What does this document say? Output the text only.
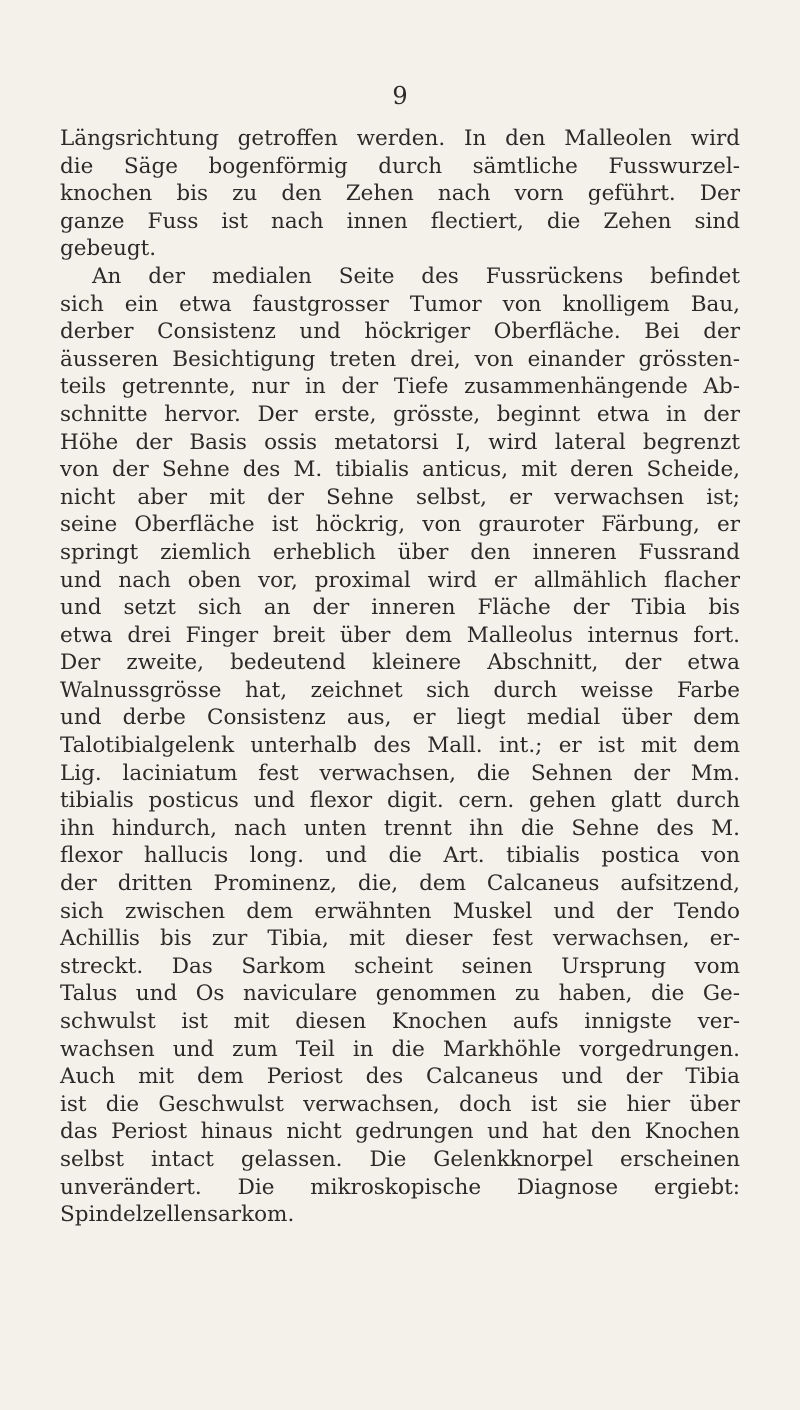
9
Längsrichtung getroffen werden. In den Malleolen wird
die Säge bogenförmig durch sämtliche Fusswurzel-
knochen bis zu den Zehen nach vorn geführt. Der
ganze Fuss ist nach innen flectiert, die Zehen sind
gebeugt.
An der medialen Seite des Fussrückens befindet
sich ein etwa faustgrosser Tumor von knolligem Bau,
derber Consistenz und höckriger Oberfläche. Bei der
äusseren Besichtigung treten drei, von einander grössten-
teils getrennte, nur in der Tiefe zusammenhängende Ab-
schnitte hervor. Der erste, grösste, beginnt etwa in der
Höhe der Basis ossis metatorsi I, wird lateral begrenzt
von der Sehne des M. tibialis anticus, mit deren Scheide,
nicht aber mit der Sehne selbst, er verwachsen ist;
seine Oberfläche ist höckrig, von grauroter Färbung, er
springt ziemlich erheblich über den inneren Fussrand
und nach oben vor, proximal wird er allmählich flacher
und setzt sich an der inneren Fläche der Tibia bis
etwa drei Finger breit über dem Malleolus internus fort.
Der zweite, bedeutend kleinere Abschnitt, der etwa
Walnussgrösse hat, zeichnet sich durch weisse Farbe
und derbe Consistenz aus, er liegt medial über dem
Talotibialgelenk unterhalb des Mall. int.; er ist mit dem
Lig. laciniatum fest verwachsen, die Sehnen der Mm.
tibialis posticus und flexor digit. cern. gehen glatt durch
ihn hindurch, nach unten trennt ihn die Sehne des M.
flexor hallucis long. und die Art. tibialis postica von
der dritten Prominenz, die, dem Calcaneus aufsitzend,
sich zwischen dem erwähnten Muskel und der Tendo
Achillis bis zur Tibia, mit dieser fest verwachsen, er-
streckt. Das Sarkom scheint seinen Ursprung vom
Talus und Os naviculare genommen zu haben, die Ge-
schwulst ist mit diesen Knochen aufs innigste ver-
wachsen und zum Teil in die Markhöhle vorgedrungen.
Auch mit dem Periost des Calcaneus und der Tibia
ist die Geschwulst verwachsen, doch ist sie hier über
das Periost hinaus nicht gedrungen und hat den Knochen
selbst intact gelassen. Die Gelenkknorpel erscheinen
unverändert. Die mikroskopische Diagnose ergiebt:
Spindelzellensarkom.
